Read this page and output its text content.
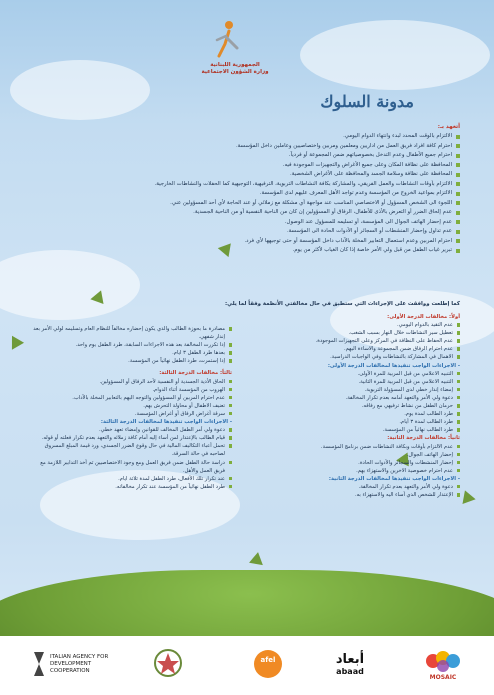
الجمهورية اللبنانية
وزارة الشؤون الاجتماعية
مدونة السلوك
أتعهد بـ:
الالتزام بالوقت المحدد لبدء وانتهاء الدوام اليومي.
احترام كافة افراد فريق العمل من اداريين ومعلمين ومربين واختصاصيين وعاملين داخل المؤسسة.
احترام جميع الأطفال وعدم التدخل بخصوصياتهم ضمن المجموعة أو فردياً.
المحافظة على نظافة المكان وعلى جميع الأغراض والتجهيزات الموجودة فيه.
المحافظة على نظافة وسلامة الجسد والمحافظة على الأغراض الشخصية.
الالتزام بأوقات النشاطات والعمل الفريقي، والمشاركة بكافة النشاطات التربوية، الترفيهية، التوجيهية كما الحفلات والنشاطات الخارجية.
الالتزام بمواعيد الخروج من المؤسسة وعدم تواجد الأهل المعرف عليهم لدى المؤسسة.
اللجوء الى الشخص المسؤول أو الاختصاصي المناسب عند مواجهة أي مشكلة مع زملائي أو عند الحاجة لأي أحد المسؤولين عني.
عدم إلحاق الضرر أو التعرض بالأذى للأطفال، الرفاق أو المسؤولين إن كان من الناحية النفسية أو من الناحية الجسدية.
عدم إحضار الهاتف الجوال الى المؤسسة، أو تسليمه للمسؤول عند الوصول.
عدم تداول وإحضار المنشطات أو السجائر أو الأدوات الحادة الى المؤسسة.
احترام المربين وعدم استعمال التعابير المخلة بالآداب داخل المؤسسة أو حتى توجيهها لأي فرد.
تبرير غياب الطفل من قبل ولي الأمر خاصة إذا كان الغياب لأكثر من يوم.
كما إطلعت ووافقت على الإجراءات التي ستطبق في حال مخالفتي الأنظمة وفقاً لما يلي:
أولاً: مخالفات الدرجة الأولى:
عدم التقيد بالدوام اليومي.
تعطيل سير النشاطات خلال النهار بسبب الشغب.
عدم الحفاظ على النظافة في المركز وعلى التجهيزات الموجودة.
عدم احترام الرفاق ضمن المجموعة والاساءة اليهم.
الاهمال في المشاركة بالنشاطات وفي الواجبات الدراسية.
- الاجراءات الواجب تنفيذها لمخالفات الدرجة الأولى:
التنبيه الاعلامي من قبل المربية للمرة الأولى.
التنبيه الاعلامي من قبل المربية للمرة الثانية.
إمضاء إنذار خطي لدى المسؤولة التربوية.
دعوة ولي الأمر والتعهد أمامه بعدم تكرار المخالفة.
حرمان الطفل من نشاط ترفيهي مع رفاقه.
طرد الطالب لمدة يوم.
طرد الطالب لمدة ٣ أيام.
طرد الطالب نهائياً من المؤسسة.
ثانياً: مخالفات الدرجة الثانية:
عدم الالتزام بأوقات وبكافة النشاطات ضمن برنامج المؤسسة.
إحضار الهاتف الجوال.
إحضار المنشطات والسجائر والأدوات الحادة.
عدم احترام خصوصية الاخرين والاستهزاء بهم.
- الاجراءات الواجب تنفيذها لمخالفات الدرجة الثانية:
دعوة ولي الأمر والتعهد بعدم تكرار المخالفة.
الإعتذار للشخص الذي أساء اليه والاستهزاء به.
مصادرة ما بحوزة الطالب والذي يكون إحضاره مخالفاً للنظام العام وتسليمه لولي الأمر بعد إنذار شفهي.
إذا تكررت المخالفة بعد هذه الاجراءات السابقة، طرد الطفل يوم واحد.
بعدها طرد الطفل ٣ ايام.
إذا إستمرت، طرد الطفل نهائياً من المؤسسة.
ثالثاً: مخالفات الدرجة الثالثة:
الحاق الأذية الجسدية أو النفسية لأحد الرفاق أو المسؤولين.
الهروب من المؤسسة أثناء الدوام.
عدم احترام المربين أو المسؤولين والتوجه اليهم بالتعابير المخلة بالآداب.
تعنيف الاطفال أو محاولة التحرش بهم.
سرقة أغراض الرفاق أو أغراض المؤسسة.
- الاجراءات الواجب تنفيذها لمخالفات الدرجة الثالثة:
دعوة ولي أمر الطفل المخالف للقوانين وإمضاء تعهد خطي.
قيام الطالب بالإعتذار لمن أساء إليه أمام كافة زملائه والتعهد بعدم تكرار فعلته أو قوله.
تحمل أعباء التكاليف المالية في حال وقوع الضرر الجسدي، ورد قيمة المبلغ المسروق لصاحبه في حالة السرقة.
دراسة حالة الطفل ضمن فريق العمل ومع وجود الاختصاصيين ثم أخذ التدابير اللازمة مع فريق العمل والأهل.
عند تكرار تلك الأفعال، طرد الطفل لمدة ثلاثة ايام.
طرد الطفل نهائياً من المؤسسة عند تكرار مخالفاته.
ITALIAN AGENCY FOR DEVELOPMENT COOPERATION
afel	أبعاد
abaad
MOSAIC
